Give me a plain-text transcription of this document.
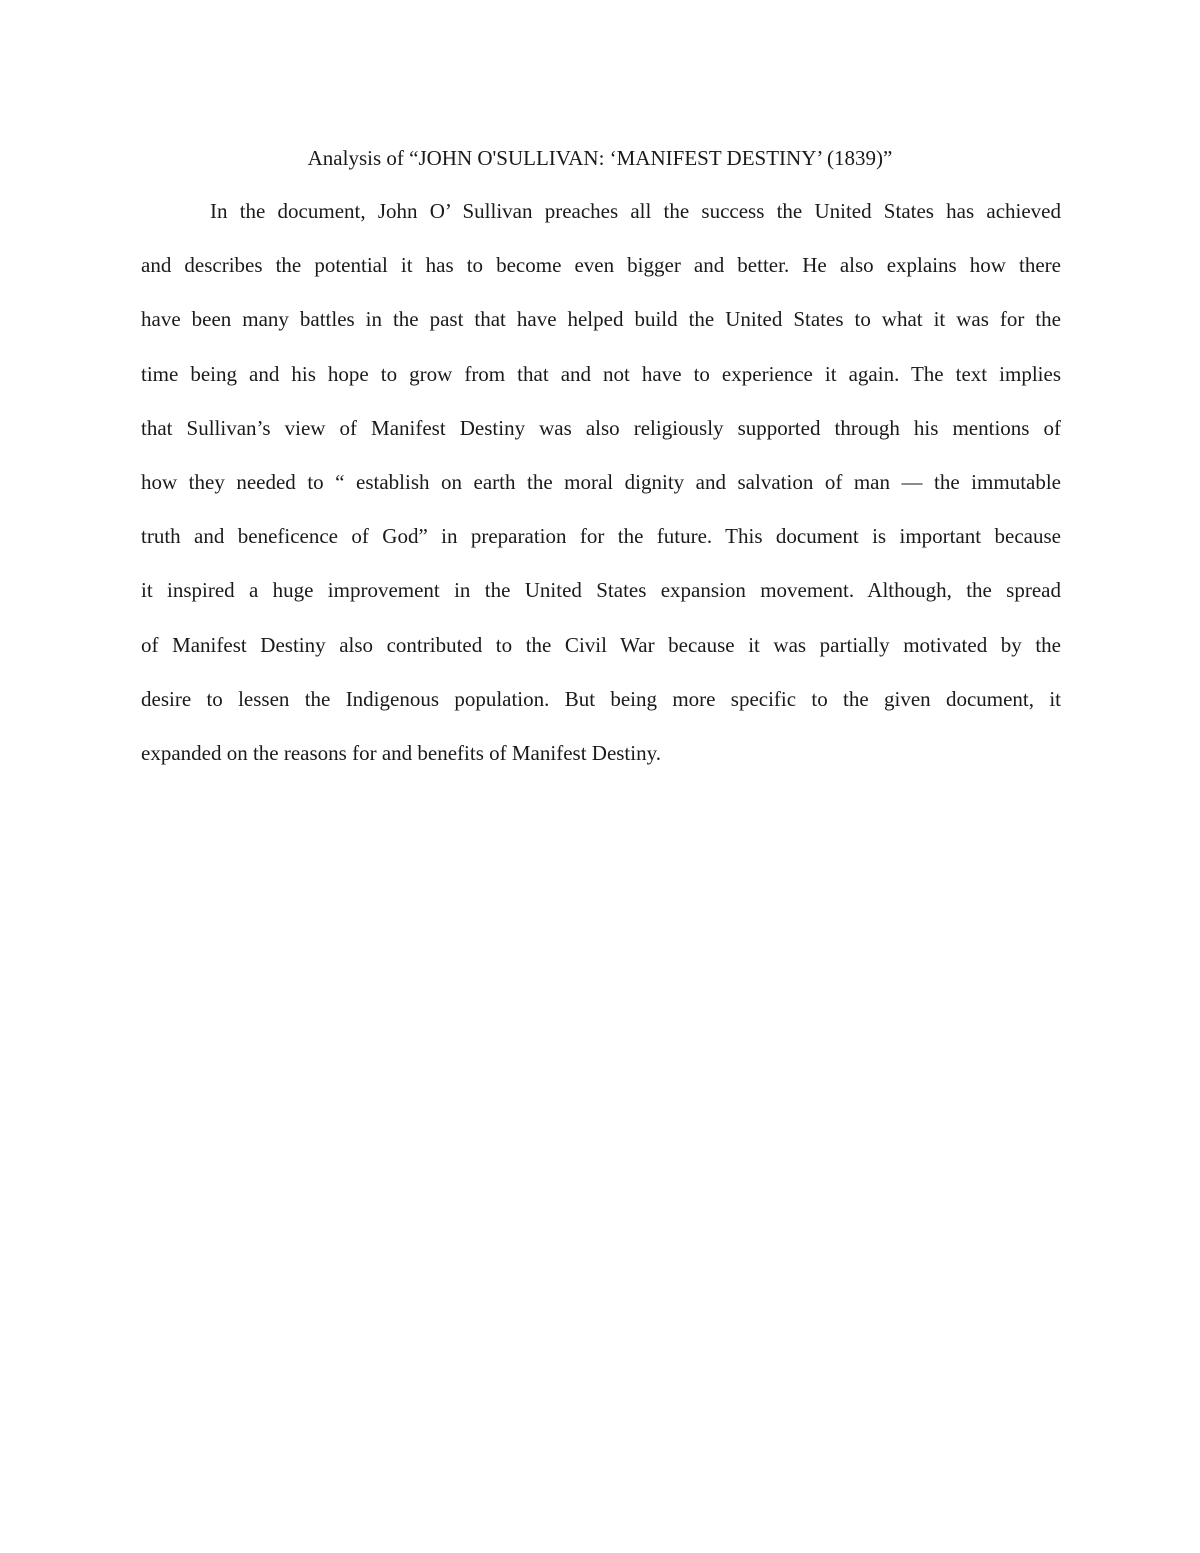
Analysis of “JOHN O'SULLIVAN: ‘MANIFEST DESTINY’ (1839)”
In the document, John O’ Sullivan preaches all the success the United States has achieved
and describes the potential it has to become even bigger and better. He also explains how there
have been many battles in the past that have helped build the United States to what it was for the
time being and his hope to grow from that and not have to experience it again. The text implies
that Sullivan’s view of Manifest Destiny was also religiously supported through his mentions of
how they needed to “ establish on earth the moral dignity and salvation of man — the immutable
truth and beneficence of God” in preparation for the future. This document is important because
it inspired a huge improvement in the United States expansion movement. Although, the spread
of Manifest Destiny also contributed to the Civil War because it was partially motivated by the
desire to lessen the Indigenous population. But being more specific to the given document, it
expanded on the reasons for and benefits of Manifest Destiny.
